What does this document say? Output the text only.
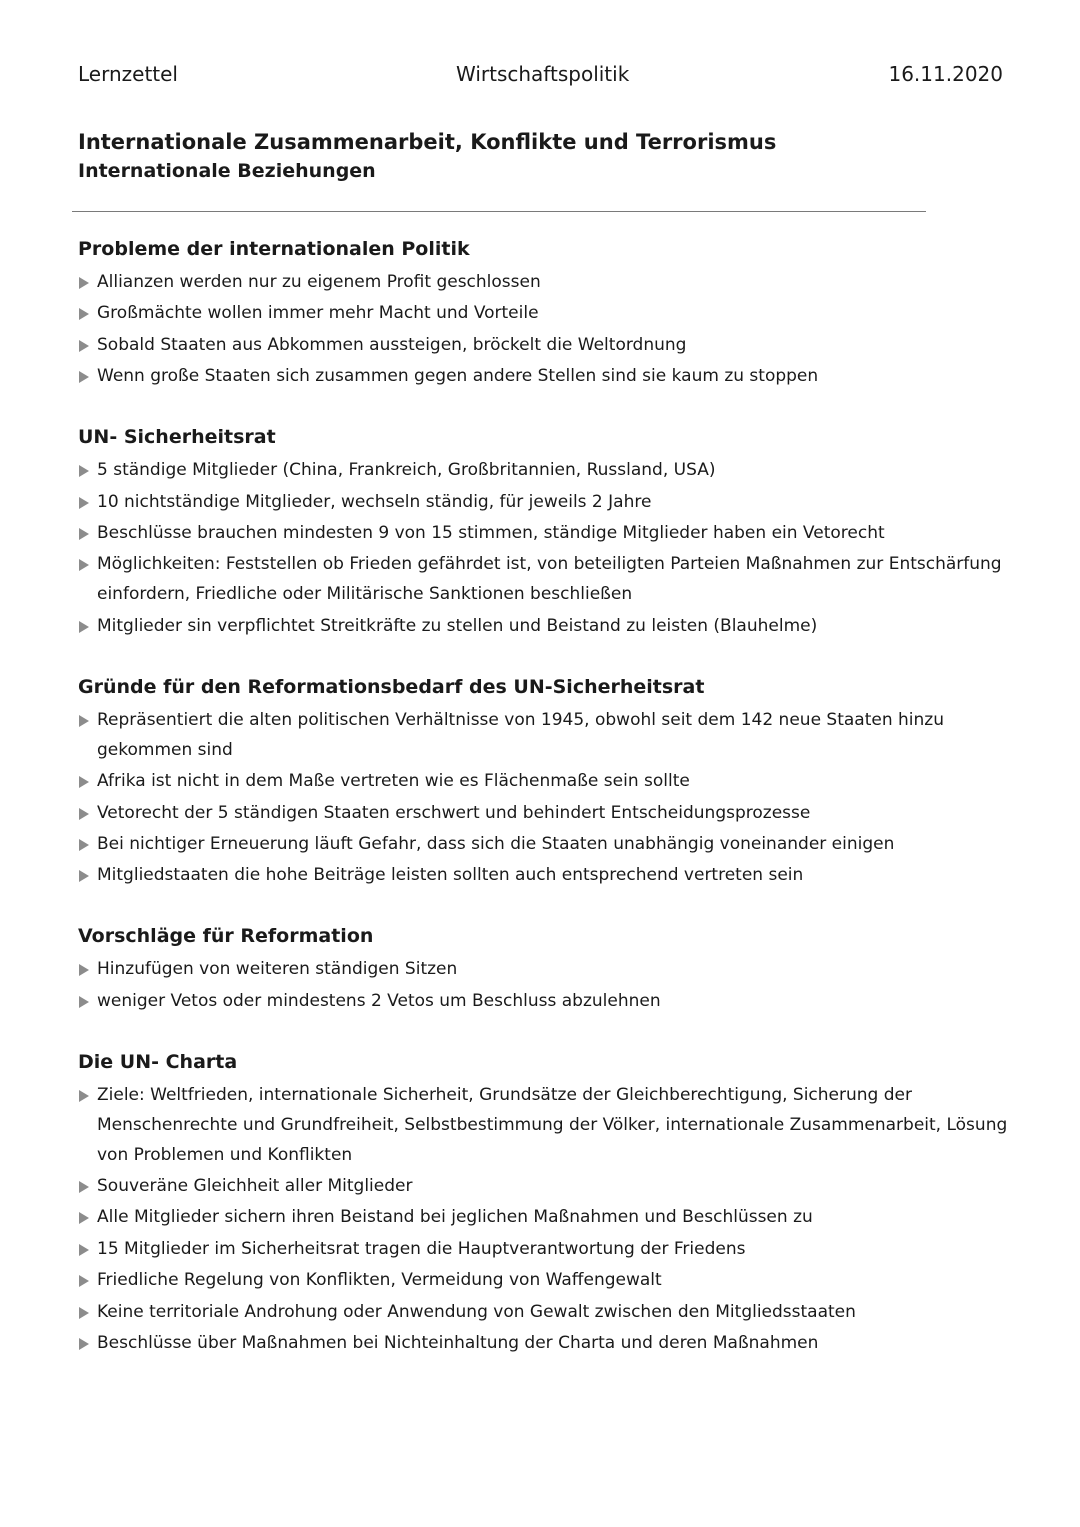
Lernzettel	Wirtschaftspolitik	16.11.2020
Internationale Zusammenarbeit, Konflikte und Terrorismus
Internationale Beziehungen
Probleme der internationalen Politik
Allianzen werden nur zu eigenem Profit geschlossen
Großmächte wollen immer mehr Macht und Vorteile
Sobald Staaten aus Abkommen aussteigen, bröckelt die Weltordnung
Wenn große Staaten sich zusammen gegen andere Stellen sind sie kaum zu stoppen
UN- Sicherheitsrat
5 ständige Mitglieder (China, Frankreich, Großbritannien, Russland, USA)
10 nichtständige Mitglieder, wechseln ständig, für jeweils 2 Jahre
Beschlüsse brauchen mindesten 9 von 15 stimmen, ständige Mitglieder haben ein Vetorecht
Möglichkeiten: Feststellen ob Frieden gefährdet ist, von beteiligten Parteien Maßnahmen zur Entschärfung einfordern, Friedliche oder Militärische Sanktionen beschließen
Mitglieder sin verpflichtet Streitkräfte zu stellen und Beistand zu leisten (Blauhelme)
Gründe für den Reformationsbedarf des UN-Sicherheitsrat
Repräsentiert die alten politischen Verhältnisse von 1945, obwohl seit dem 142 neue Staaten hinzu gekommen sind
Afrika ist nicht in dem Maße vertreten wie es Flächenmaße sein sollte
Vetorecht der 5 ständigen Staaten erschwert und behindert Entscheidungsprozesse
Bei nichtiger Erneuerung läuft Gefahr, dass sich die Staaten unabhängig voneinander einigen
Mitgliedstaaten die hohe Beiträge leisten sollten auch entsprechend vertreten sein
Vorschläge für Reformation
Hinzufügen von weiteren ständigen Sitzen
weniger Vetos oder mindestens 2 Vetos um Beschluss abzulehnen
Die UN- Charta
Ziele: Weltfrieden, internationale Sicherheit, Grundsätze der Gleichberechtigung, Sicherung der Menschenrechte und Grundfreiheit, Selbstbestimmung der Völker, internationale Zusammenarbeit, Lösung von Problemen und Konflikten
Souveräne Gleichheit aller Mitglieder
Alle Mitglieder sichern ihren Beistand bei jeglichen Maßnahmen und Beschlüssen zu
15 Mitglieder im Sicherheitsrat tragen die Hauptverantwortung der Friedens
Friedliche Regelung von Konflikten, Vermeidung von Waffengewalt
Keine territoriale Androhung oder Anwendung von Gewalt zwischen den Mitgliedsstaaten
Beschlüsse über Maßnahmen bei Nichteinhaltung der Charta und deren Maßnahmen
